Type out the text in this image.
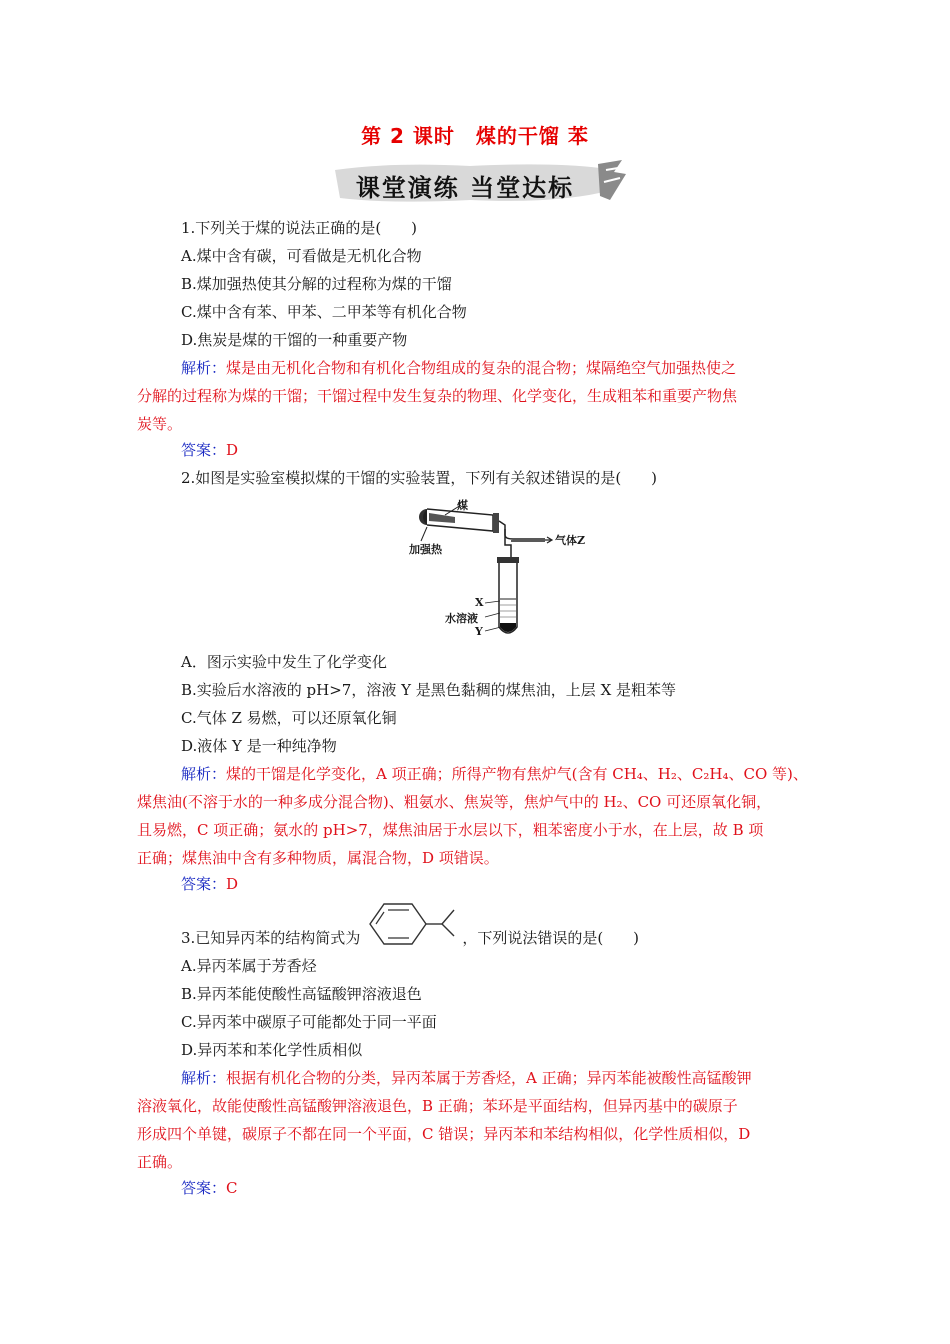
第 2 课时　煤的干馏 苯
课堂演练 当堂达标
1.下列关于煤的说法正确的是(　　)
A.煤中含有碳，可看做是无机化合物
B.煤加强热使其分解的过程称为煤的干馏
C.煤中含有苯、甲苯、二甲苯等有机化合物
D.焦炭是煤的干馏的一种重要产物
解析：煤是由无机化合物和有机化合物组成的复杂的混合物；煤隔绝空气加强热使之
分解的过程称为煤的干馏；干馏过程中发生复杂的物理、化学变化，生成粗苯和重要产物焦
炭等。
答案：D
2.如图是实验室模拟煤的干馏的实验装置，下列有关叙述错误的是(　　)
煤
加强热
气体Z
X
水溶液
Y
A．图示实验中发生了化学变化
B.实验后水溶液的 pH>7，溶液 Y 是黑色黏稠的煤焦油，上层 X 是粗苯等
C.气体 Z 易燃，可以还原氧化铜
D.液体 Y 是一种纯净物
解析：煤的干馏是化学变化，A 项正确；所得产物有焦炉气(含有 CH₄、H₂、C₂H₄、CO 等)、
煤焦油(不溶于水的一种多成分混合物)、粗氨水、焦炭等，焦炉气中的 H₂、CO 可还原氧化铜，
且易燃，C 项正确；氨水的 pH>7，煤焦油居于水层以下，粗苯密度小于水，在上层，故 B 项
正确；煤焦油中含有多种物质，属混合物，D 项错误。
答案：D
3.已知异丙苯的结构简式为	，下列说法错误的是(　　)
A.异丙苯属于芳香烃
B.异丙苯能使酸性高锰酸钾溶液退色
C.异丙苯中碳原子可能都处于同一平面
D.异丙苯和苯化学性质相似
解析：根据有机化合物的分类，异丙苯属于芳香烃，A 正确；异丙苯能被酸性高锰酸钾
溶液氧化，故能使酸性高锰酸钾溶液退色，B 正确；苯环是平面结构，但异丙基中的碳原子
形成四个单键，碳原子不都在同一个平面，C 错误；异丙苯和苯结构相似，化学性质相似，D
正确。
答案：C
